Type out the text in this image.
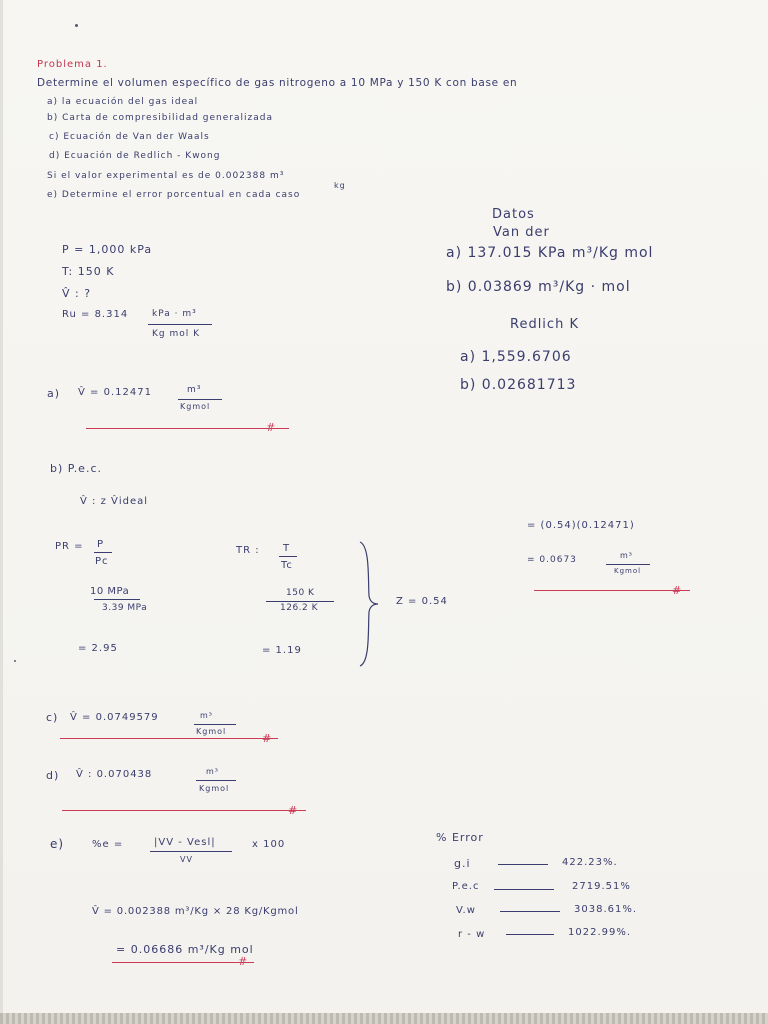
Problema 1.
Determine el volumen específico de gas nitrogeno a 10 MPa y 150 K con base en
a) la ecuación del gas ideal
b) Carta de compresibilidad generalizada
c) Ecuación de Van der Waals
d) Ecuación de Redlich - Kwong
Si el valor experimental es de 0.002388 m³
kg
e) Determine el error porcentual en cada caso
Datos
Van der
a) 137.015 KPa m³/Kg mol
b) 0.03869 m³/Kg · mol
Redlich K
a) 1,559.6706
b) 0.02681713
P = 1,000 kPa
T: 150 K
V̂ : ?
Ru = 8.314	kPa · m³
Kg mol K
a) V̂ = 0.12471	m³
Kgmol
#
b) P.e.c.
V̂ : z V̂ideal
PR = P
Pc
10 MPa
3.39 MPa
= 2.95
TR : T
Tc
150 K
126.2 K
= 1.19
Z = 0.54
= (0.54)(0.12471)
= 0.0673	m³
Kgmol
#
c) V̂ = 0.0749579	m³
Kgmol
#
d) V̂ : 0.070438	m³
Kgmol
#
e)	%e =	|VV - Vesl|
VV
x 100
V̂ = 0.002388 m³/Kg × 28 Kg/Kgmol
= 0.06686 m³/Kg mol
#
% Error
g.i	422.23%.
P.e.c	2719.51%
V.w	3038.61%.
r - w	1022.99%.
